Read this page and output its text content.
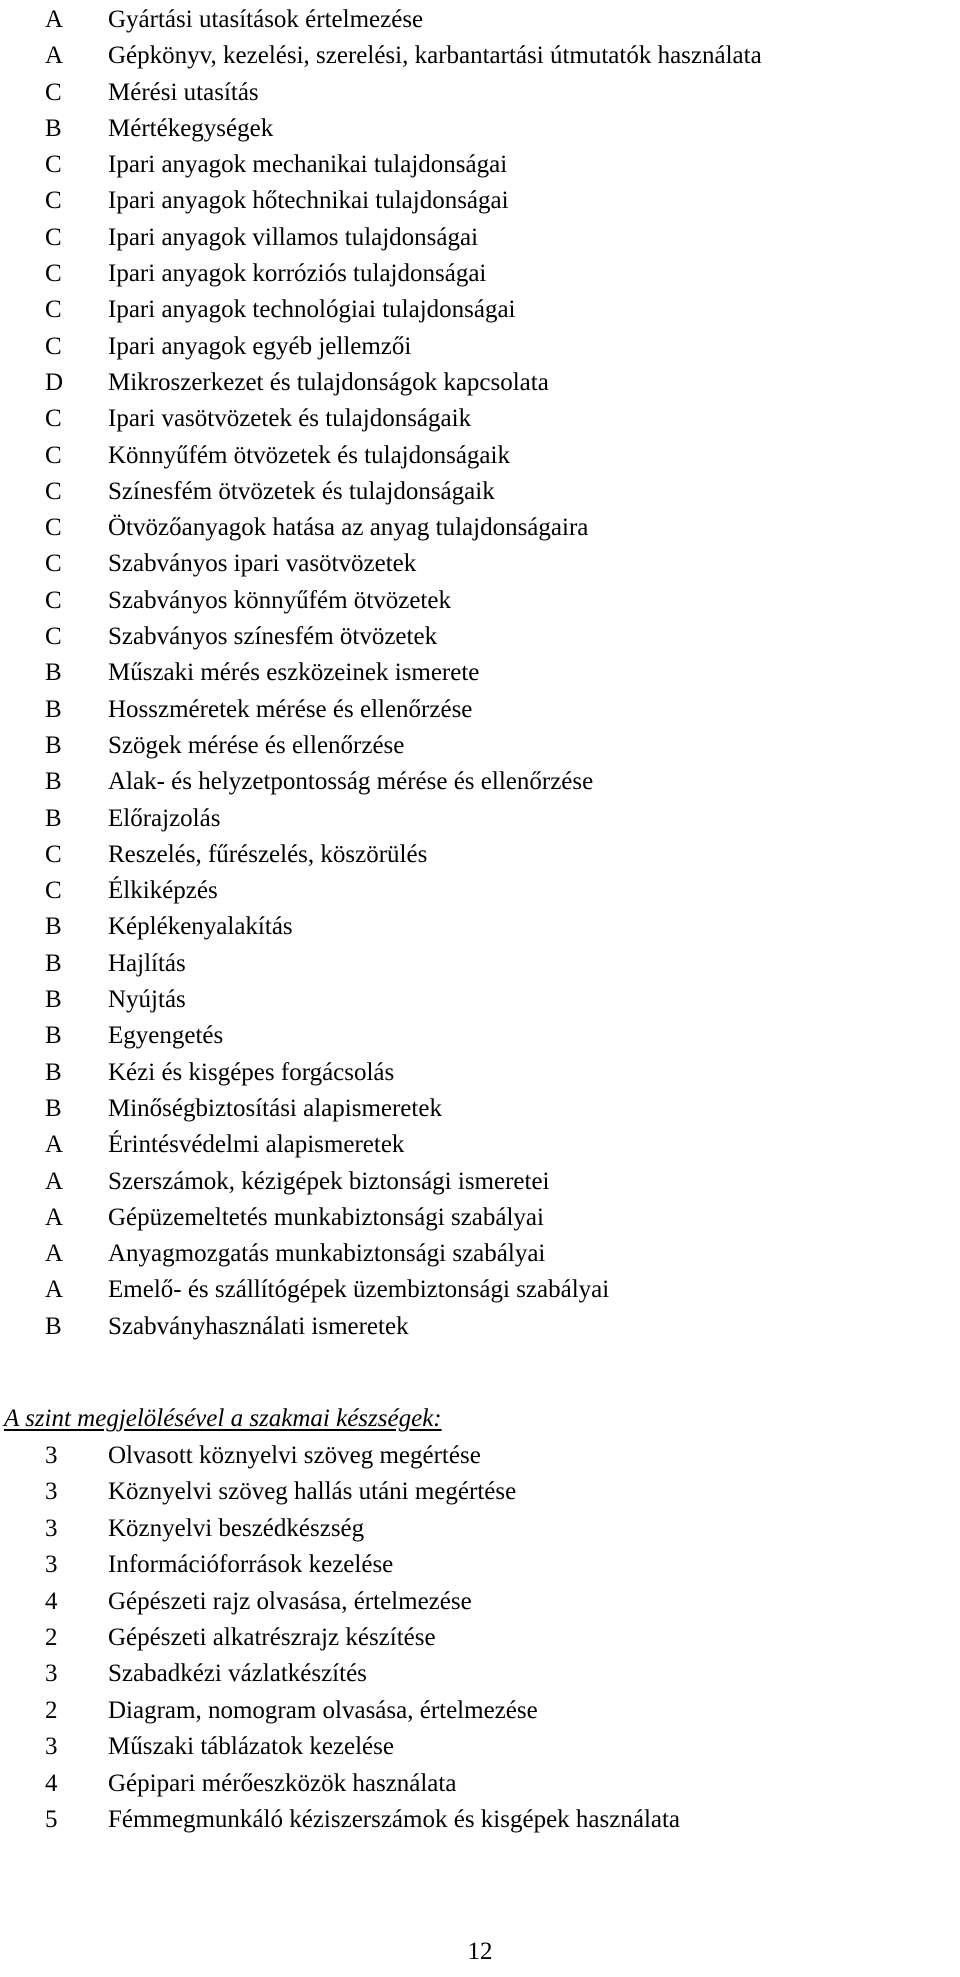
A	Gyártási utasítások értelmezése
A	Gépkönyv, kezelési, szerelési, karbantartási útmutatók használata
C	Mérési utasítás
B	Mértékegységek
C	Ipari anyagok mechanikai tulajdonságai
C	Ipari anyagok hőtechnikai tulajdonságai
C	Ipari anyagok villamos tulajdonságai
C	Ipari anyagok korróziós tulajdonságai
C	Ipari anyagok technológiai tulajdonságai
C	Ipari anyagok egyéb jellemzői
D	Mikroszerkezet és tulajdonságok kapcsolata
C	Ipari vasötvözetek és tulajdonságaik
C	Könnyűfém ötvözetek és tulajdonságaik
C	Színesfém ötvözetek és tulajdonságaik
C	Ötvözőanyagok hatása az anyag tulajdonságaira
C	Szabványos ipari vasötvözetek
C	Szabványos könnyűfém ötvözetek
C	Szabványos színesfém ötvözetek
B	Műszaki mérés eszközeinek ismerete
B	Hosszméretek mérése és ellenőrzése
B	Szögek mérése és ellenőrzése
B	Alak- és helyzetpontosság mérése és ellenőrzése
B	Előrajzolás
C	Reszelés, fűrészelés, köszörülés
C	Élkiképzés
B	Képlékenyalakítás
B	Hajlítás
B	Nyújtás
B	Egyengetés
B	Kézi és kisgépes forgácsolás
B	Minőségbiztosítási alapismeretek
A	Érintésvédelmi alapismeretek
A	Szerszámok, kézigépek biztonsági ismeretei
A	Gépüzemeltetés munkabiztonsági szabályai
A	Anyagmozgatás munkabiztonsági szabályai
A	Emelő- és szállítógépek üzembiztonsági szabályai
B	Szabványhasználati ismeretek
A szint megjelölésével a szakmai készségek:
3	Olvasott köznyelvi szöveg megértése
3	Köznyelvi szöveg hallás utáni megértése
3	Köznyelvi beszédkészség
3	Információforrások kezelése
4	Gépészeti rajz olvasása, értelmezése
2	Gépészeti alkatrészrajz készítése
3	Szabadkézi vázlatkészítés
2	Diagram, nomogram olvasása, értelmezése
3	Műszaki táblázatok kezelése
4	Gépipari mérőeszközök használata
5	Fémmegmunkáló kéziszerszámok és kisgépek használata
12
